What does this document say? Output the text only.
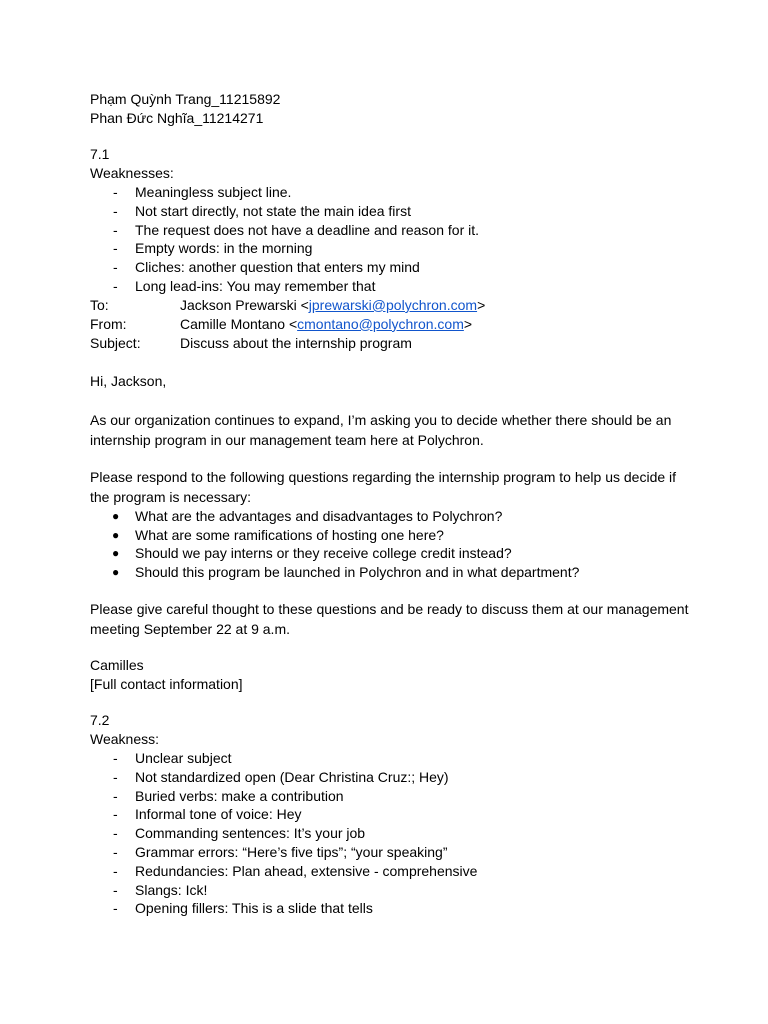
Phạm Quỳnh Trang_11215892
Phan Đức Nghĩa_11214271
7.1
Weaknesses:
- Meaningless subject line.
- Not start directly, not state the main idea first
- The request does not have a deadline and reason for it.
- Empty words: in the morning
- Cliches: another question that enters my mind
- Long lead-ins: You may remember that

To:

	Jackson Prewarski <jprewarski@polychron.com>

From:

	Camille Montano <cmontano@polychron.com>

Subject:

	Discuss about the internship program

Hi, Jackson,
As our organization continues to expand, I’m asking you to decide whether there should be an internship program in our management team here at Polychron.
Please respond to the following questions regarding the internship program to help us decide if the program is necessary:
● What are the advantages and disadvantages to Polychron?
● What are some ramifications of hosting one here?
● Should we pay interns or they receive college credit instead?
● Should this program be launched in Polychron and in what department?
Please give careful thought to these questions and be ready to discuss them at our management meeting September 22 at 9 a.m.
Camilles
[Full contact information]
7.2
Weakness:
- Unclear subject
- Not standardized open (Dear Christina Cruz:; Hey)
- Buried verbs: make a contribution
- Informal tone of voice: Hey
- Commanding sentences: It’s your job
- Grammar errors: “Here’s five tips”; “your speaking”
- Redundancies: Plan ahead, extensive - comprehensive
- Slangs: Ick!
- Opening fillers: This is a slide that tells
